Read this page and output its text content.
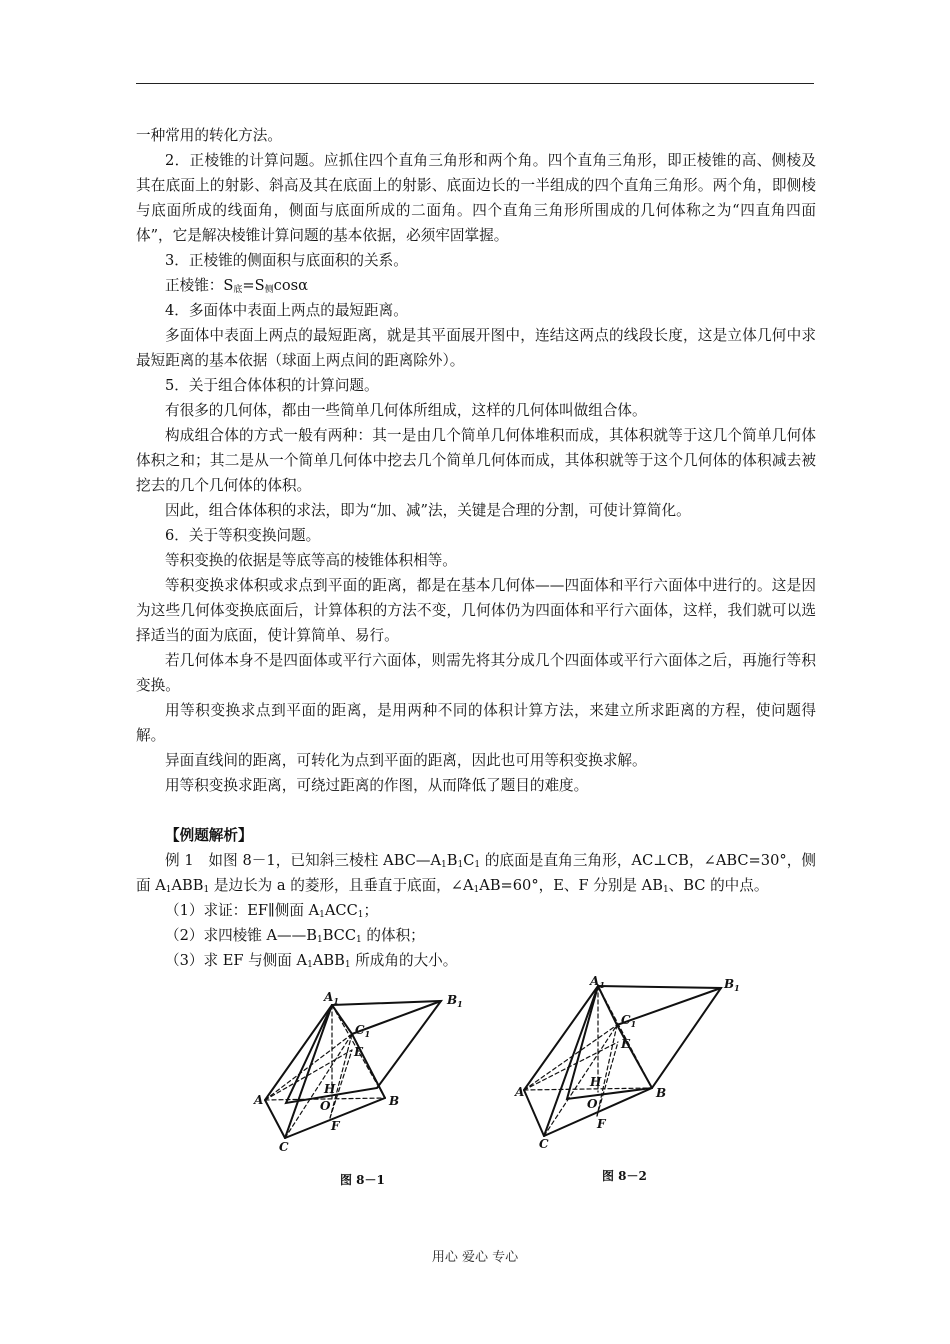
一种常用的转化方法。

2．正棱锥的计算问题。应抓住四个直角三角形和两个角。四个直角三角形，即正棱锥的高、侧棱及其在底面上的射影、斜高及其在底面上的射影、底面边长的一半组成的四个直角三角形。两个角，即侧棱与底面所成的线面角，侧面与底面所成的二面角。四个直角三角形所围成的几何体称之为“四直角四面体”，它是解决棱锥计算问题的基本依据，必须牢固掌握。

3．正棱锥的侧面积与底面积的关系。

正棱锥：$S_底=S_侧\cos\alpha$

4．多面体中表面上两点的最短距离。

多面体中表面上两点的最短距离，就是其平面展开图中，连结这两点的线段长度，这是立体几何中求最短距离的基本依据（球面上两点间的距离除外）。

5．关于组合体体积的计算问题。

有很多的几何体，都由一些简单几何体所组成，这样的几何体叫做组合体。

构成组合体的方式一般有两种：其一是由几个简单几何体堆积而成，其体积就等于这几个简单几何体体积之和；其二是从一个简单几何体中挖去几个简单几何体而成，其体积就等于这个几何体的体积减去被挖去的几个几何体的体积。

因此，组合体体积的求法，即为“加、减”法，关键是合理的分割，可使计算简化。

6．关于等积变换问题。

等积变换的依据是等底等高的棱锥体积相等。

等积变换求体积或求点到平面的距离，都是在基本几何体——四面体和平行六面体中进行的。这是因为这些几何体变换底面后，计算体积的方法不变，几何体仍为四面体和平行六面体，这样，我们就可以选择适当的面为底面，使计算简单、易行。

若几何体本身不是四面体或平行六面体，则需先将其分成几个四面体或平行六面体之后，再施行等积变换。

用等积变换求点到平面的距离，是用两种不同的体积计算方法，来建立所求距离的方程，使问题得解。

异面直线间的距离，可转化为点到平面的距离，因此也可用等积变换求解。

用等积变换求距离，可绕过距离的作图，从而降低了题目的难度。

【例题解析】

例 1　如图 8－1，已知斜三棱柱 $ABC—A_1B_1C_1$ 的底面是直角三角形，AC⊥CB，∠ABC=30°，侧面 $A_1ABB_1$ 是边长为 a 的菱形，且垂直于底面，$\angle A_1AB=60^\circ$，E、F 分别是 $AB_1$、BC 的中点。

（1）求证：EF∥侧面 $A_1ACC_1$；

（2）求四棱锥 $A——B_1BCC_1$ 的体积；

（3）求 EF 与侧面 $A_1ABB_1$ 所成角的大小。

$A_1$	$B_1$
$C_1$
E
H
O
A	B
C
F
图 8－1
$A_1$	$B_1$
$C_1$
E
H
O
A	B
C
F
图 8－2
用心 爱心 专心
